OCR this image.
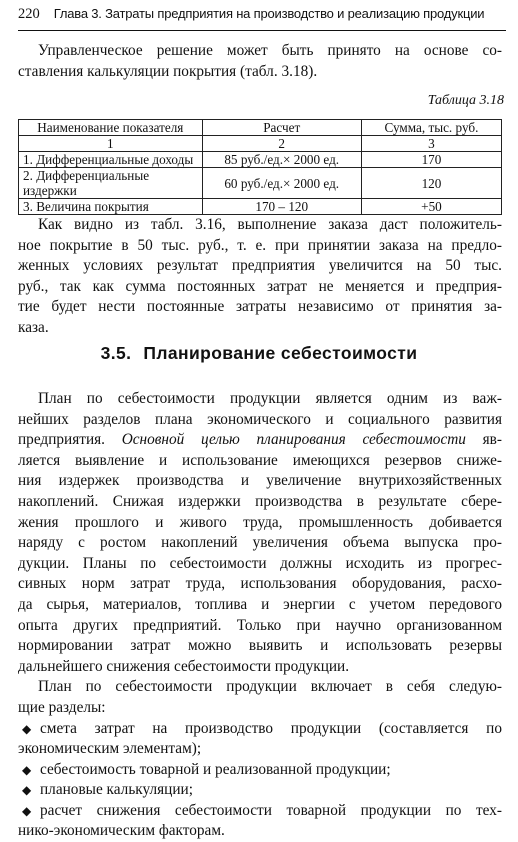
220 Глава 3. Затраты предприятия на производство и реализацию продукции
Управленческое решение может быть принято на основе со-
ставления калькуляции покрытия (табл. 3.18).
Таблица 3.18
Наименование показателя	Расчет	Сумма, тыс. руб.
1	2	3
1. Дифференциальные доходы	85 руб./ед.× 2000 ед.	170
2. Дифференциальные издержки	60 руб./ед.× 2000 ед.	120
3. Величина покрытия	170 – 120	+50
Как видно из табл. 3.16, выполнение заказа даст положитель-
ное покрытие в 50 тыс. руб., т. е. при принятии заказа на предло-
женных условиях результат предприятия увеличится на 50 тыс.
руб., так как сумма постоянных затрат не меняется и предприя-
тие будет нести постоянные затраты независимо от принятия за-
каза.
3.5. Планирование себестоимости
План по себестоимости продукции является одним из важ-
нейших разделов плана экономического и социального развития
предприятия. Основной целью планирования себестоимости яв-
ляется выявление и использование имеющихся резервов сниже-
ния издержек производства и увеличение внутрихозяйственных
накоплений. Снижая издержки производства в результате сбере-
жения прошлого и живого труда, промышленность добивается
наряду с ростом накоплений увеличения объема выпуска про-
дукции. Планы по себестоимости должны исходить из прогрес-
сивных норм затрат труда, использования оборудования, расхо-
да сырья, материалов, топлива и энергии с учетом передового
опыта других предприятий. Только при научно организованном
нормировании затрат можно выявить и использовать резервы
дальнейшего снижения себестоимости продукции.
План по себестоимости продукции включает в себя следую-
щие разделы:
◆ смета затрат на производство продукции (составляется по
экономическим элементам);
◆ себестоимость товарной и реализованной продукции;
◆ плановые калькуляции;
◆ расчет снижения себестоимости товарной продукции по тех-
нико-экономическим факторам.
